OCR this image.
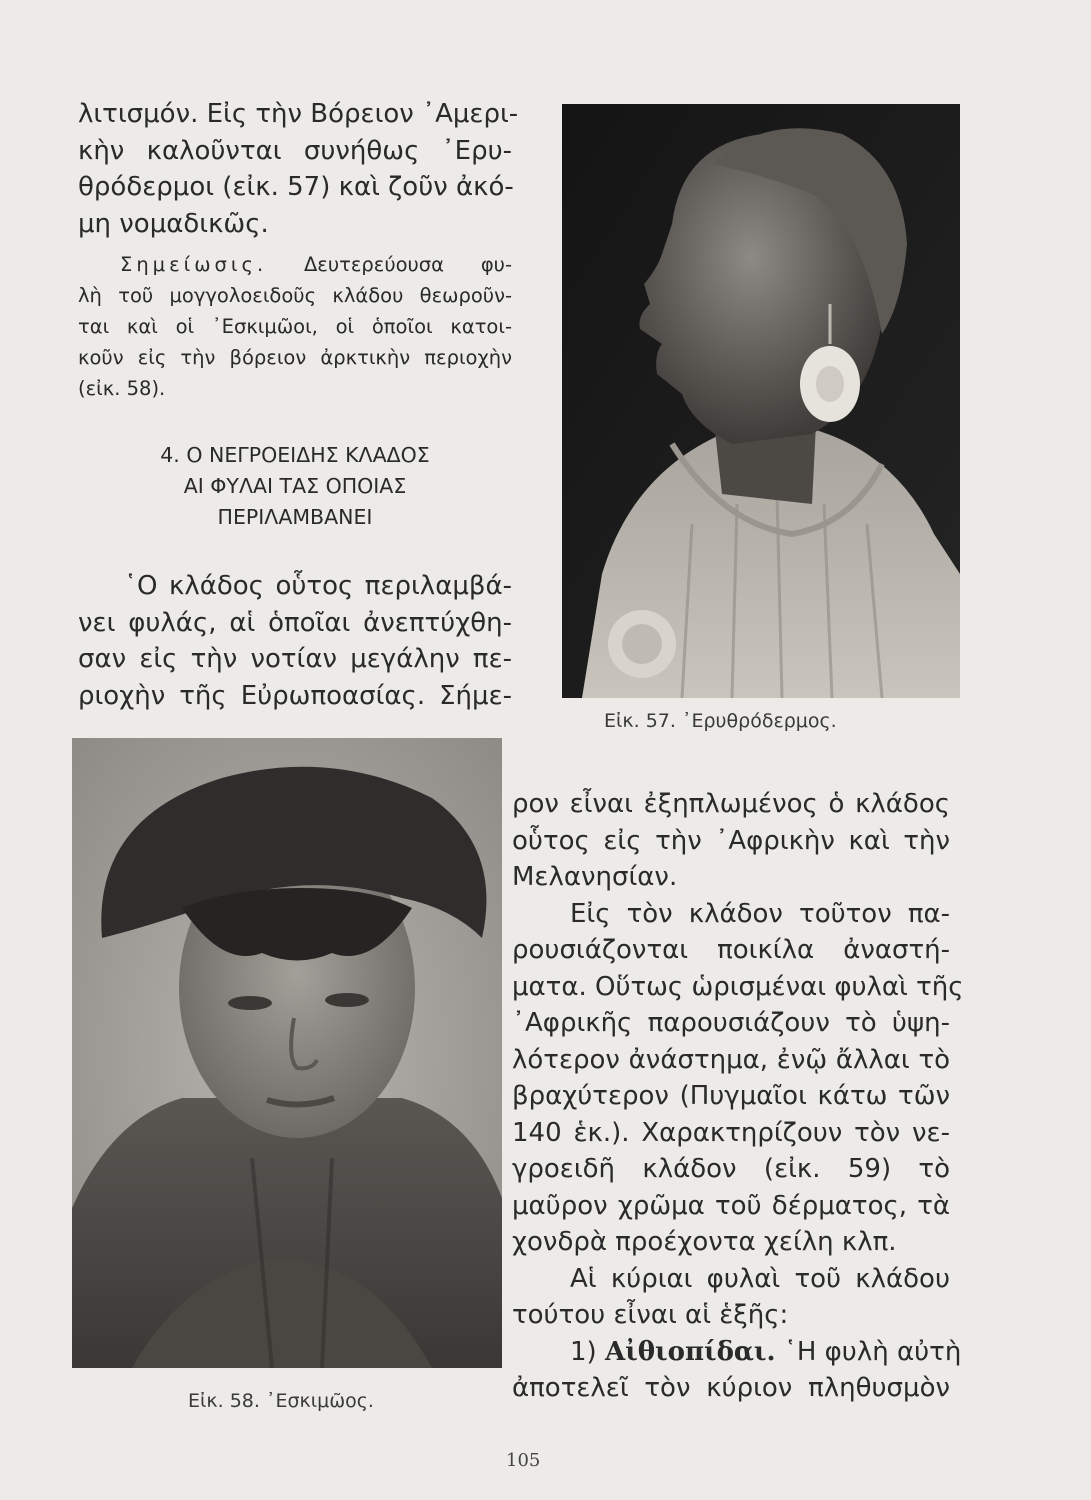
λιτισμόν. Εἰς τὴν Βόρειον ᾿Αμερι-
κὴν καλοῦνται συνήθως ᾿Ερυ-
θρόδερμοι (εἰκ. 57) καὶ ζοῦν ἀκό-
μη νομαδικῶς.
Σημείωσις. Δευτερεύουσα φυ-
λὴ τοῦ μογγολοειδοῦς κλάδου θεωροῦν-
ται καὶ οἱ ᾿Εσκιμῶοι, οἱ ὁποῖοι κατοι-
κοῦν εἰς τὴν βόρειον ἀρκτικὴν περιοχὴν
(εἰκ. 58).
4. Ο ΝΕΓΡΟΕΙΔΗΣ ΚΛΑΔΟΣ
ΑΙ ΦΥΛΑΙ ΤΑΣ ΟΠΟΙΑΣ
ΠΕΡΙΛΑΜΒΑΝΕΙ
῾Ο κλάδος οὗτος περιλαμβά-
νει φυλάς, αἱ ὁποῖαι ἀνεπτύχθη-
σαν εἰς τὴν νοτίαν μεγάλην πε-
ριοχὴν τῆς Εὐρωποασίας. Σήμε-
Εἰκ. 57. ᾿Ερυθρόδερμος.
Εἰκ. 58. ᾿Εσκιμῶος.
ρον εἶναι ἐξηπλωμένος ὁ κλάδος
οὗτος εἰς τὴν ᾿Αφρικὴν καὶ τὴν
Μελανησίαν.
Εἰς τὸν κλάδον τοῦτον πα-
ρουσιάζονται ποικίλα ἀναστή-
ματα. Οὕτως ὡρισμέναι φυλαὶ τῆς
᾿Αφρικῆς παρουσιάζουν τὸ ὑψη-
λότερον ἀνάστημα, ἐνῷ ἄλλαι τὸ
βραχύτερον (Πυγμαῖοι κάτω τῶν
140 ἑκ.). Χαρακτηρίζουν τὸν νε-
γροειδῆ κλάδον (εἰκ. 59) τὸ
μαῦρον χρῶμα τοῦ δέρματος, τὰ
χονδρὰ προέχοντα χείλη κλπ.
Αἱ κύριαι φυλαὶ τοῦ κλάδου
τούτου εἶναι αἱ ἑξῆς:
1) Αἰθιοπίδαι. ῾Η φυλὴ αὐτὴ
ἀποτελεῖ τὸν κύριον πληθυσμὸν
105
